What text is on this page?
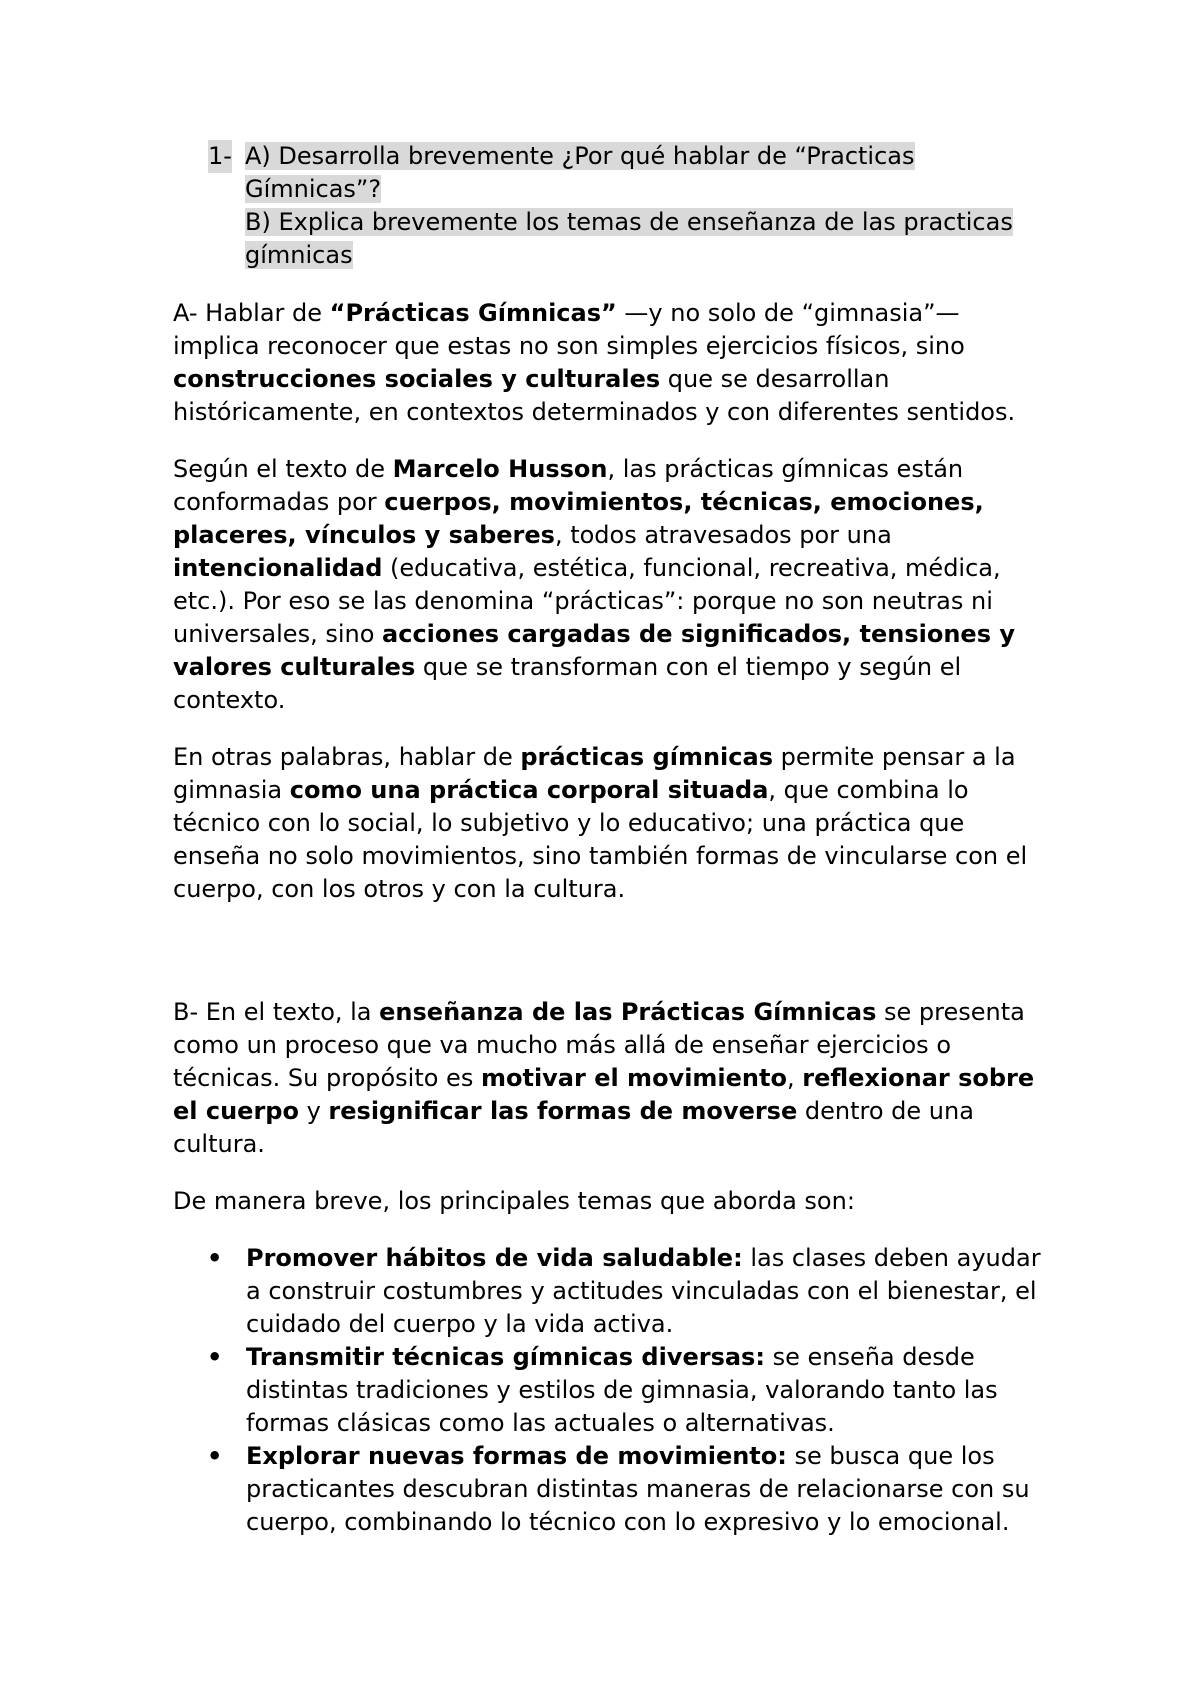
1- A) Desarrolla brevemente ¿Por qué hablar de “Practicas
Gímnicas”?
B) Explica brevemente los temas de enseñanza de las practicas
gímnicas

A- Hablar de “Prácticas Gímnicas” —y no solo de “gimnasia”— implica reconocer que estas no son simples ejercicios físicos, sino construcciones sociales y culturales que se desarrollan históricamente, en contextos determinados y con diferentes sentidos.

Según el texto de Marcelo Husson, las prácticas gímnicas están conformadas por cuerpos, movimientos, técnicas, emociones, placeres, vínculos y saberes, todos atravesados por una intencionalidad (educativa, estética, funcional, recreativa, médica, etc.). Por eso se las denomina “prácticas”: porque no son neutras ni universales, sino acciones cargadas de significados, tensiones y valores culturales que se transforman con el tiempo y según el contexto.

En otras palabras, hablar de prácticas gímnicas permite pensar a la gimnasia como una práctica corporal situada, que combina lo técnico con lo social, lo subjetivo y lo educativo; una práctica que enseña no solo movimientos, sino también formas de vincularse con el cuerpo, con los otros y con la cultura.

B- En el texto, la enseñanza de las Prácticas Gímnicas se presenta como un proceso que va mucho más allá de enseñar ejercicios o técnicas. Su propósito es motivar el movimiento, reflexionar sobre el cuerpo y resignificar las formas de moverse dentro de una cultura.

De manera breve, los principales temas que aborda son:

• Promover hábitos de vida saludable: las clases deben ayudar a construir costumbres y actitudes vinculadas con el bienestar, el cuidado del cuerpo y la vida activa.
• Transmitir técnicas gímnicas diversas: se enseña desde distintas tradiciones y estilos de gimnasia, valorando tanto las formas clásicas como las actuales o alternativas.
• Explorar nuevas formas de movimiento: se busca que los practicantes descubran distintas maneras de relacionarse con su cuerpo, combinando lo técnico con lo expresivo y lo emocional.
